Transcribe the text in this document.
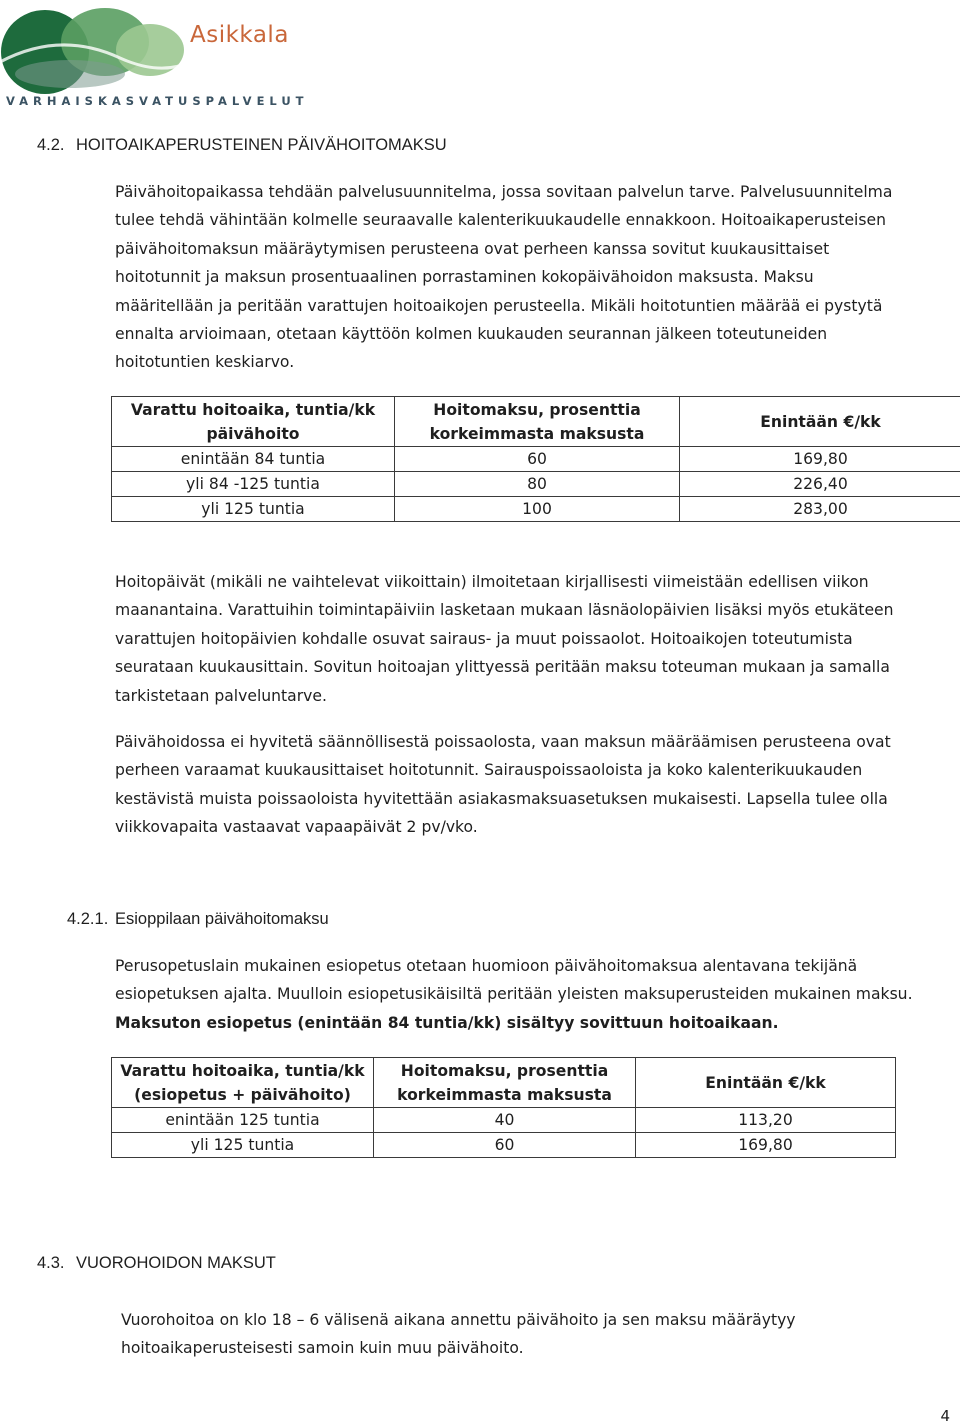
Asikkala
VARHAISKASVATUSPALVELUT
4.2. HOITOAIKAPERUSTEINEN PÄIVÄHOITOMAKSU
Päivähoitopaikassa tehdään palvelusuunnitelma, jossa sovitaan palvelun tarve. Palvelusuunnitelma
tulee tehdä vähintään kolmelle seuraavalle kalenterikuukaudelle ennakkoon. Hoitoaikaperusteisen
päivähoitomaksun määräytymisen perusteena ovat perheen kanssa sovitut kuukausittaiset
hoitotunnit ja maksun prosentuaalinen porrastaminen kokopäivähoidon maksusta. Maksu
määritellään ja peritään varattujen hoitoaikojen perusteella. Mikäli hoitotuntien määrää ei pystytä
ennalta arvioimaan, otetaan käyttöön kolmen kuukauden seurannan jälkeen toteutuneiden
hoitotuntien keskiarvo.
Varattu hoitoaika, tuntia/kk päivähoito	Hoitomaksu, prosenttia korkeimmasta maksusta	Enintään €/kk
enintään 84 tuntia	60	169,80
yli 84 -125 tuntia	80	226,40
yli 125 tuntia	100	283,00
Hoitopäivät (mikäli ne vaihtelevat viikoittain) ilmoitetaan kirjallisesti viimeistään edellisen viikon
maanantaina. Varattuihin toimintapäiviin lasketaan mukaan läsnäolopäivien lisäksi myös etukäteen
varattujen hoitopäivien kohdalle osuvat sairaus- ja muut poissaolot. Hoitoaikojen toteutumista
seurataan kuukausittain. Sovitun hoitoajan ylittyessä peritään maksu toteuman mukaan ja samalla
tarkistetaan palveluntarve.
Päivähoidossa ei hyvitetä säännöllisestä poissaolosta, vaan maksun määräämisen perusteena ovat
perheen varaamat kuukausittaiset hoitotunnit. Sairauspoissaoloista ja koko kalenterikuukauden
kestävistä muista poissaoloista hyvitettään asiakasmaksuasetuksen mukaisesti. Lapsella tulee olla
viikkovapaita vastaavat vapaapäivät 2 pv/vko.
4.2.1. Esioppilaan päivähoitomaksu
Perusopetuslain mukainen esiopetus otetaan huomioon päivähoitomaksua alentavana tekijänä
esiopetuksen ajalta. Muulloin esiopetusikäisiltä peritään yleisten maksuperusteiden mukainen maksu.
Maksuton esiopetus (enintään 84 tuntia/kk) sisältyy sovittuun hoitoaikaan.
Varattu hoitoaika, tuntia/kk (esiopetus + päivähoito)	Hoitomaksu, prosenttia korkeimmasta maksusta	Enintään €/kk
enintään 125 tuntia	40	113,20
yli 125 tuntia	60	169,80
4.3. VUOROHOIDON MAKSUT
Vuorohoitoa on klo 18 – 6 välisenä aikana annettu päivähoito ja sen maksu määräytyy
hoitoaikaperusteisesti samoin kuin muu päivähoito.
4
